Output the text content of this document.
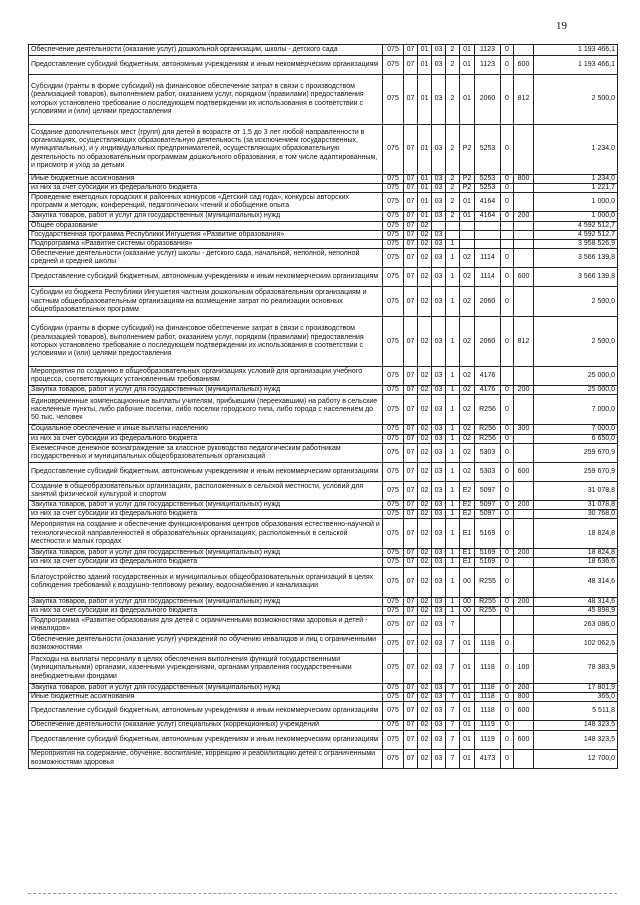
19
Обеспечение деятельности (оказание услуг) дошкольной организации, школы - детского сада	075	07	01	03	2	01	1123	0		1 193 466,1
Предоставление субсидий бюджетным, автономным учреждениям и иным некоммерческим организациям	075	07	01	03	2	01	1123	0	600	1 193 466,1
Субсидии (гранты в форме субсидий) на финансовое обеспечение затрат в связи с производством (реализацией товаров), выполнением работ, оказанием услуг, порядком (правилами) предоставления которых установлено требование о последующем подтверждении их использования в соответствии с условиями и (или) целями предоставления	075	07	01	03	2	01	2060	0	812	2 500,0
Создание дополнительных мест (групп) для детей в возрасте от 1,5 до 3 лет любой направленности в организациях, осуществляющих образовательную деятельность (за исключением государственных, муниципальных), и у индивидуальных предпринимателей, осуществляющих образовательную деятельность по образовательным программам дошкольного образования, в том числе адаптированным, и присмотр и уход за детьми	075	07	01	03	2	P2	5253	0		1 234,0
Иные бюджетные ассигнования	075	07	01	03	2	P2	5253	0	800	1 234,0
из них за счет субсидии из федерального бюджета	075	07	01	03	2	P2	5253	0		1 221,7
Проведение ежегодных городских и районных конкурсов «Детский сад года», конкурсы авторских программ и методик, конференций, педагогических чтений и обобщение опыта	075	07	01	03	2	01	4164	0		1 000,0
Закупка товаров, работ и услуг для государственных (муниципальных) нужд	075	07	01	03	2	01	4164	0	200	1 000,0
Общее образование	075	07	02							4 592 512,7
Государственная программа Республики Ингушетия «Развитие образования»	075	07	02	03						4 592 512,7
Подпрограмма «Развитие системы образования»	075	07	02	03	1					3 958 526,9
Обеспечение деятельности (оказание услуг) школы - детского сада, начальной, неполной, неполной средней и средней школы	075	07	02	03	1	02	1114	0		3 566 139,8
Предоставление субсидий бюджетным, автономным учреждениям и иным некоммерческим организациям	075	07	02	03	1	02	1114	0	600	3 566 139,8
Субсидии из бюджета Республики Ингушетия частным дошкольным образовательным организациям и частным общеобразовательным организациям на возмещение затрат по реализации основных общеобразовательных программ	075	07	02	03	1	02	2060	0		2 500,0
Субсидии (гранты в форме субсидий) на финансовое обеспечение затрат в связи с производством (реализацией товаров), выполнением работ, оказанием услуг, порядком (правилами) предоставления которых установлено требование о последующем подтверждении их использования в соответствии с условиями и (или) целями предоставления	075	07	02	03	1	02	2060	0	812	2 500,0
Мероприятия по созданию в общеобразовательных организациях условий для организации учебного процесса, соответствующих установленным требованиям	075	07	02	03	1	02	4176			25 000,0
Закупка товаров, работ и услуг для государственных (муниципальных) нужд	075	07	02	03	1	02	4176	0	200	25 000,0
Единовременные компенсационные выплаты учителям, прибывшим (переехавшим) на работу в сельские населенные пункты, либо рабочие поселки, либо поселки городского типа, либо города с населением до 50 тыс. человек	075	07	02	03	1	02	R256	0		7 000,0
Социальное обеспечение и иные выплаты населению	075	07	02	03	1	02	R256	0	300	7 000,0
из них за счет субсидии из федерального бюджета	075	07	02	03	1	02	R256	0		6 650,0
Ежемесячное денежное вознаграждение за классное руководство педагогическим работникам государственных и муниципальных общеобразовательных организаций	075	07	02	03	1	02	5303	0		259 670,9
Предоставление субсидий бюджетным, автономным учреждениям и иным некоммерческим организациям	075	07	02	03	1	02	5303	0	600	259 670,9
Создание в общеобразовательных организациях, расположенных в сельской местности, условий для занятий физической культурой и спортом	075	07	02	03	1	E2	5097	0		31 078,8
Закупка товаров, работ и услуг для государственных (муниципальных) нужд	075	07	02	03	1	E2	5097	0	200	31 078,8
из них за счет субсидии из федерального бюджета	075	07	02	03	1	E2	5097	0		30 768,0
Мероприятия на создание и обеспечение функционирования центров образования естественно-научной и технологической направленностей в образовательных организациях, расположенных в сельской местности и малых городах	075	07	02	03	1	E1	5169	0		18 824,8
Закупка товаров, работ и услуг для государственных (муниципальных) нужд	075	07	02	03	1	E1	5169	0	200	18 824,8
из них за счет субсидии из федерального бюджета	075	07	02	03	1	E1	5169	0		18 636,6
Благоустройство зданий государственных и муниципальных общеобразовательных организаций в целях соблюдения требований к воздушно-тепловому режиму, водоснабжению и канализации	075	07	02	03	1	00	R255	0		48 314,6
Закупка товаров, работ и услуг для государственных (муниципальных) нужд	075	07	02	03	1	00	R255	0	200	48 314,6
из них за счет субсидии из федерального бюджета	075	07	02	03	1	00	R255	0		45 898,9
Подпрограмма «Развитие образования для детей с ограниченными возможностями здоровья и детей - инвалидов»	075	07	02	03	7					263 086,0
Обеспечение деятельности (оказание услуг) учреждений по обучению инвалидов и лиц с ограниченными возможностями	075	07	02	03	7	01	1118	0		102 062,5
Расходы на выплаты персоналу в целях обеспечения выполнения функций государственными (муниципальными) органами, казенными учреждениями, органами управления государственными внебюджетными фондами	075	07	02	03	7	01	1118	0	100	78 383,9
Закупка товаров, работ и услуг для государственных (муниципальных) нужд	075	07	02	03	7	01	1118	0	200	17 801,9
Иные бюджетные ассигнования	075	07	02	03	7	01	1118	0	800	365,0
Предоставление субсидий бюджетным, автономным учреждениям и иным некоммерческим организациям	075	07	02	03	7	01	1118	0	600	5 511,8
Обеспечение деятельности (оказание услуг) специальных (коррекционных) учреждений	075	07	02	03	7	01	1119	0		148 323,5
Предоставление субсидий бюджетным, автономным учреждениям и иным некоммерческим организациям	075	07	02	03	7	01	1119	0	600	148 323,5
Мероприятия на содержание, обучение, воспитание, коррекцию и реабилитацию детей с ограниченными возможностями здоровья	075	07	02	03	7	01	4173	0		12 700,0
